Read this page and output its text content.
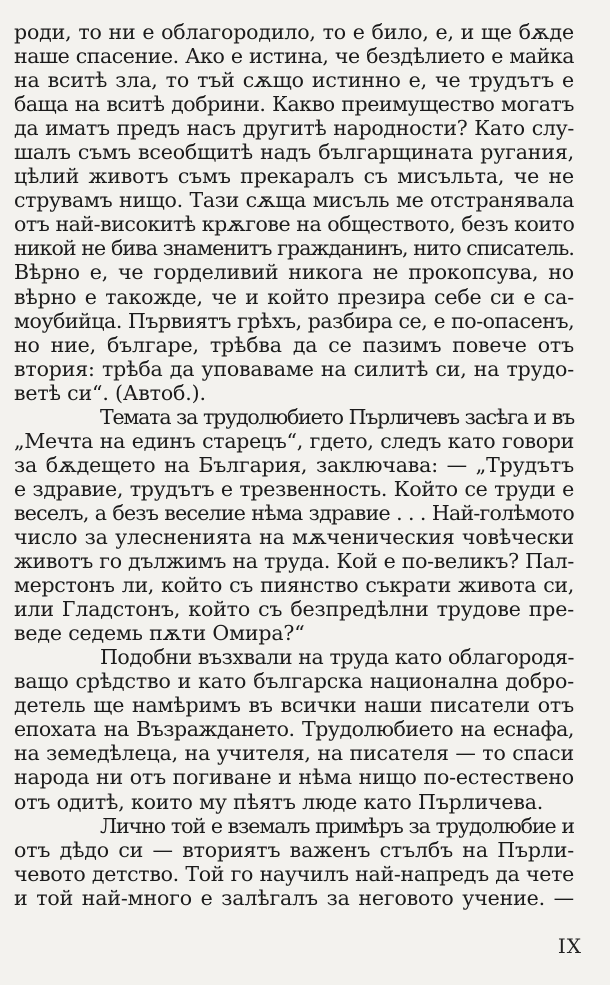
роди, то ни е облагородило, то е било, е, и ще бѫде
наше спасение. Ако е истина, че бездѣлието е майка
на вситѣ зла, то тъй сѫщо истинно е, че трудътъ е
баща на вситѣ добрини. Какво преимущество могатъ
да иматъ предъ насъ другитѣ народности? Като слу-
шалъ съмъ всеобщитѣ надъ българщината ругания,
цѣлий животъ съмъ прекаралъ съ мисъльта, че не
струвамъ нищо. Тази сѫща мисъль ме отстранявала
отъ най-високитѣ крѫгове на обществото, безъ които
никой не бива знаменитъ гражданинъ, нито списатель.
Вѣрно е, че горделивий никога не прокопсува, но
вѣрно е такожде, че и който презира себе си е са-
моубийца. Първиятъ грѣхъ, разбира се, е по-опасенъ,
но ние, българе, трѣбва да се пазимъ повече отъ
втория: трѣба да уповаваме на силитѣ си, на трудо-
ветѣ си“. (Автоб.).
Темата за трудолюбието Пърличевъ засѣга и въ
„Мечта на единъ старецъ“, гдето, следъ като говори
за бѫдещето на България, заключава: — „Трудътъ
е здравие, трудътъ е трезвенность. Който се труди е
веселъ, а безъ веселие нѣма здравие . . . Най-голѣмото
число за улесненията на мѫченическия човѣчески
животъ го дължимъ на труда. Кой е по-великъ? Пал-
мерстонъ ли, който съ пиянство съкрати живота си,
или Гладстонъ, който съ безпредѣлни трудове пре-
веде седемь пѫти Омира?“
Подобни възхвали на труда като облагородя-
ващо срѣдство и като българска национална добро-
детель ще намѣримъ въ всички наши писатели отъ
епохата на Възраждането. Трудолюбието на еснафа,
на земедѣлеца, на учителя, на писателя — то спаси
народа ни отъ погиване и нѣма нищо по-естествено
отъ одитѣ, които му пѣятъ люде като Пърличева.
Лично той е вземалъ примѣръ за трудолюбие и
отъ дѣдо си — вториятъ важенъ стълбъ на Пърли-
чевото детство. Той го научилъ най-напредъ да чете
и той най-много е залѣгалъ за неговото учение. —
IX
